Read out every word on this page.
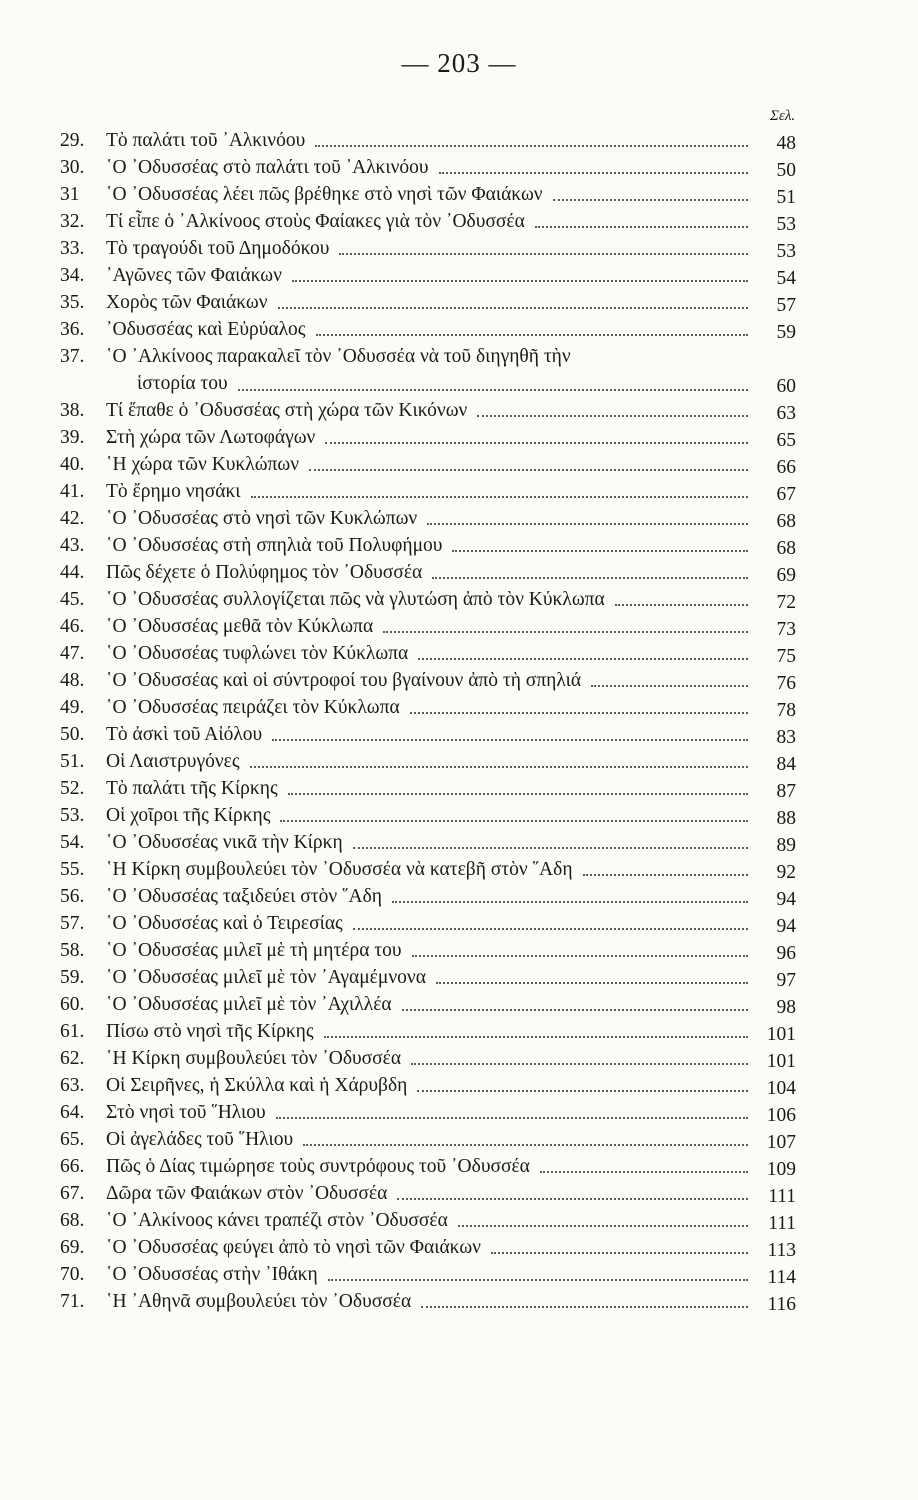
— 203 —
Σελ.
29. Τὸ παλάτι τοῦ ᾿Αλκινόου	48
30. ῾Ο ᾿Οδυσσέας στὸ παλάτι τοῦ ᾿Αλκινόου	50
31 ῾Ο ᾿Οδυσσέας λέει πῶς βρέθηκε στὸ νησὶ τῶν Φαιάκων	51
32. Τί εἶπε ὁ ᾿Αλκίνοος στοὺς Φαίακες γιὰ τὸν ᾿Οδυσσέα	53
33. Τὸ τραγούδι τοῦ Δημοδόκου	53
34. ᾿Αγῶνες τῶν Φαιάκων	54
35. Χορὸς τῶν Φαιάκων	57
36. ᾿Οδυσσέας καὶ Εὐρύαλος	59
37. ῾Ο ᾿Αλκίνοος παρακαλεῖ τὸν ᾿Οδυσσέα νὰ τοῦ διηγηθῆ τὴν
ἱστορία του	60
38. Τί ἔπαθε ὁ ᾿Οδυσσέας στὴ χώρα τῶν Κικόνων	63
39. Στὴ χώρα τῶν Λωτοφάγων	65
40. ῾Η χώρα τῶν Κυκλώπων	66
41. Τὸ ἔρημο νησάκι	67
42. ῾Ο ᾿Οδυσσέας στὸ νησὶ τῶν Κυκλώπων	68
43. ῾Ο ᾿Οδυσσέας στὴ σπηλιὰ τοῦ Πολυφήμου	68
44. Πῶς δέχετε ὁ Πολύφημος τὸν ᾿Οδυσσέα	69
45. ῾Ο ᾿Οδυσσέας συλλογίζεται πῶς νὰ γλυτώση ἀπὸ τὸν Κύκλωπα	72
46. ῾Ο ᾿Οδυσσέας μεθᾶ τὸν Κύκλωπα	73
47. ῾Ο ᾿Οδυσσέας τυφλώνει τὸν Κύκλωπα	75
48. ῾Ο ᾿Οδυσσέας καὶ οἱ σύντροφοί του βγαίνουν ἀπὸ τὴ σπηλιά	76
49. ῾Ο ᾿Οδυσσέας πειράζει τὸν Κύκλωπα	78
50. Τὸ ἀσκὶ τοῦ Αἰόλου	83
51. Οἱ Λαιστρυγόνες	84
52. Τὸ παλάτι τῆς Κίρκης	87
53. Οἱ χοῖροι τῆς Κίρκης	88
54. ῾Ο ᾿Οδυσσέας νικᾶ τὴν Κίρκη	89
55. ῾Η Κίρκη συμβουλεύει τὸν ᾿Οδυσσέα νὰ κατεβῆ στὸν ῞Αδη	92
56. ῾Ο ᾿Οδυσσέας ταξιδεύει στὸν ῞Αδη	94
57. ῾Ο ᾿Οδυσσέας καὶ ὁ Τειρεσίας	94
58. ῾Ο ᾿Οδυσσέας μιλεῖ μὲ τὴ μητέρα του	96
59. ῾Ο ᾿Οδυσσέας μιλεῖ μὲ τὸν ᾿Αγαμέμνονα	97
60. ῾Ο ᾿Οδυσσέας μιλεῖ μὲ τὸν ᾿Αχιλλέα	98
61. Πίσω στὸ νησὶ τῆς Κίρκης	101
62. ῾Η Κίρκη συμβουλεύει τὸν ᾿Οδυσσέα	101
63. Οἱ Σειρῆνες, ἡ Σκύλλα καὶ ἡ Χάρυβδη	104
64. Στὸ νησὶ τοῦ ῞Ηλιου	106
65. Οἱ ἀγελάδες τοῦ ῞Ηλιου	107
66. Πῶς ὁ Δίας τιμώρησε τοὺς συντρόφους τοῦ ᾿Οδυσσέα	109
67. Δῶρα τῶν Φαιάκων στὸν ᾿Οδυσσέα	111
68. ῾Ο ᾿Αλκίνοος κάνει τραπέζι στὸν ᾿Οδυσσέα	111
69. ῾Ο ᾿Οδυσσέας φεύγει ἀπὸ τὸ νησὶ τῶν Φαιάκων	113
70. ῾Ο ᾿Οδυσσέας στὴν ᾿Ιθάκη	114
71. ῾Η ᾿Αθηνᾶ συμβουλεύει τὸν ᾿Οδυσσέα	116
